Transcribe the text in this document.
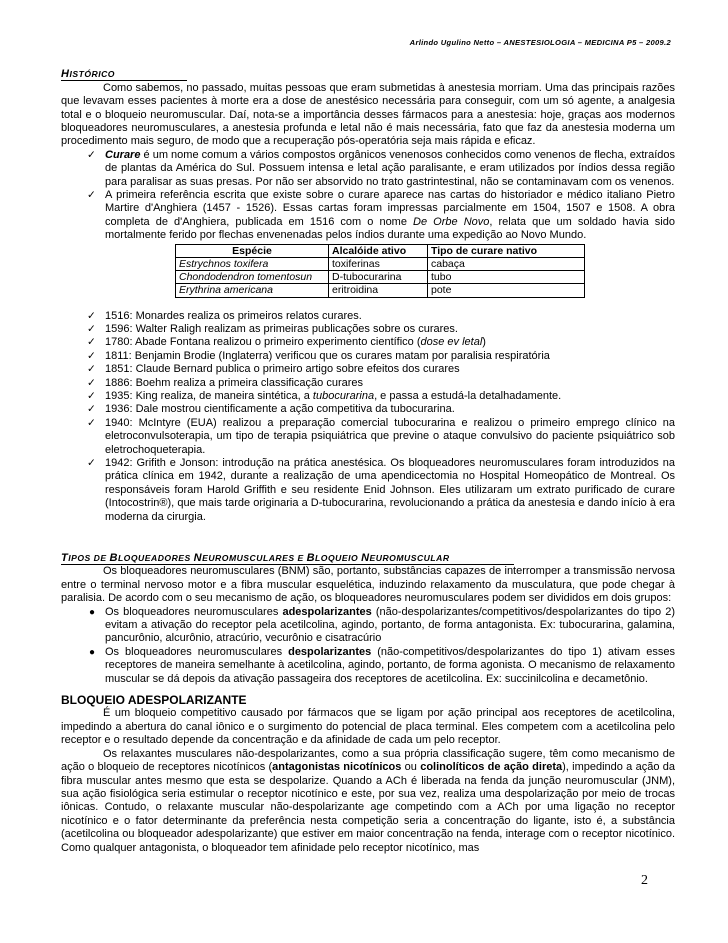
Arlindo Ugulino Netto – ANESTESIOLOGIA – MEDICINA P5 – 2009.2
HISTÓRICO

Como sabemos, no passado, muitas pessoas que eram submetidas à anestesia morriam. Uma das principais razões que levavam esses pacientes à morte era a dose de anestésico necessária para conseguir, com um só agente, a analgesia total e o bloqueio neuromuscular. Daí, nota-se a importância desses fármacos para a anestesia: hoje, graças aos modernos bloqueadores neuromusculares, a anestesia profunda e letal não é mais necessária, fato que faz da anestesia moderna um procedimento mais seguro, de modo que a recuperação pós-operatória seja mais rápida e eficaz.

✓ Curare é um nome comum a vários compostos orgânicos venenosos conhecidos como venenos de flecha, extraídos de plantas da América do Sul. Possuem intensa e letal ação paralisante, e eram utilizados por índios dessa região para paralisar as suas presas. Por não ser absorvido no trato gastrintestinal, não se contaminavam com os venenos.
✓ A primeira referência escrita que existe sobre o curare aparece nas cartas do historiador e médico italiano Pietro Martire d'Anghiera (1457 - 1526). Essas cartas foram impressas parcialmente em 1504, 1507 e 1508. A obra completa de d'Anghiera, publicada em 1516 com o nome De Orbe Novo, relata que um soldado havia sido mortalmente ferido por flechas envenenadas pelos índios durante uma expedição ao Novo Mundo.
Espécie	Alcalóide ativo	Tipo de curare nativo
Estrychnos toxifera	toxiferinas	cabaça
Chondodendron tomentosun	D-tubocurarina	tubo
Erythrina americana	eritroidina	pote
✓ 1516: Monardes realiza os primeiros relatos curares.
✓ 1596: Walter Raligh realizam as primeiras publicações sobre os curares.
✓ 1780: Abade Fontana realizou o primeiro experimento científico (dose ev letal)
✓ 1811: Benjamin Brodie (Inglaterra) verificou que os curares matam por paralisia respiratória
✓ 1851: Claude Bernard publica o primeiro artigo sobre efeitos dos curares
✓ 1886: Boehm realiza a primeira classificação curares
✓ 1935: King realiza, de maneira sintética, a tubocurarina, e passa a estudá-la detalhadamente.
✓ 1936: Dale mostrou cientificamente a ação competitiva da tubocurarina.
✓ 1940: McIntyre (EUA) realizou a preparação comercial tubocurarina e realizou o primeiro emprego clínico na eletroconvulsoterapia, um tipo de terapia psiquiátrica que previne o ataque convulsivo do paciente psiquiátrico sob eletrochoqueterapia.
✓ 1942: Grifith e Jonson: introdução na prática anestésica. Os bloqueadores neuromusculares foram introduzidos na prática clínica em 1942, durante a realização de uma apendicectomia no Hospital Homeopático de Montreal. Os responsáveis foram Harold Griffith e seu residente Enid Johnson. Eles utilizaram um extrato purificado de curare (Intocostrin®), que mais tarde originaria a D-tubocurarina, revolucionando a prática da anestesia e dando início à era moderna da cirurgia.
TIPOS DE BLOQUEADORES NEUROMUSCULARES E BLOQUEIO NEUROMUSCULAR

Os bloqueadores neuromusculares (BNM) são, portanto, substâncias capazes de interromper a transmissão nervosa entre o terminal nervoso motor e a fibra muscular esquelética, induzindo relaxamento da musculatura, que pode chegar à paralisia. De acordo com o seu mecanismo de ação, os bloqueadores neuromusculares podem ser divididos em dois grupos:

● Os bloqueadores neuromusculares adespolarizantes (não-despolarizantes/competitivos/despolarizantes do tipo 2) evitam a ativação do receptor pela acetilcolina, agindo, portanto, de forma antagonista. Ex: tubocurarina, galamina, pancurônio, alcurônio, atracúrio, vecurônio e cisatracúrio
● Os bloqueadores neuromusculares despolarizantes (não-competitivos/despolarizantes do tipo 1) ativam esses receptores de maneira semelhante à acetilcolina, agindo, portanto, de forma agonista. O mecanismo de relaxamento muscular se dá depois da ativação passageira dos receptores de acetilcolina. Ex: succinilcolina e decametônio.
BLOQUEIO ADESPOLARIZANTE

É um bloqueio competitivo causado por fármacos que se ligam por ação principal aos receptores de acetilcolina, impedindo a abertura do canal iônico e o surgimento do potencial de placa terminal. Eles competem com a acetilcolina pelo receptor e o resultado depende da concentração e da afinidade de cada um pelo receptor.

Os relaxantes musculares não-despolarizantes, como a sua própria classificação sugere, têm como mecanismo de ação o bloqueio de receptores nicotínicos (antagonistas nicotínicos ou colinolíticos de ação direta), impedindo a ação da fibra muscular antes mesmo que esta se despolarize. Quando a ACh é liberada na fenda da junção neuromuscular (JNM), sua ação fisiológica seria estimular o receptor nicotínico e este, por sua vez, realiza uma despolarização por meio de trocas iônicas. Contudo, o relaxante muscular não-despolarizante age competindo com a ACh por uma ligação no receptor nicotínico e o fator determinante da preferência nesta competição seria a concentração do ligante, isto é, a substância (acetilcolina ou bloqueador adespolarizante) que estiver em maior concentração na fenda, interage com o receptor nicotínico. Como qualquer antagonista, o bloqueador tem afinidade pelo receptor nicotínico, mas

2
